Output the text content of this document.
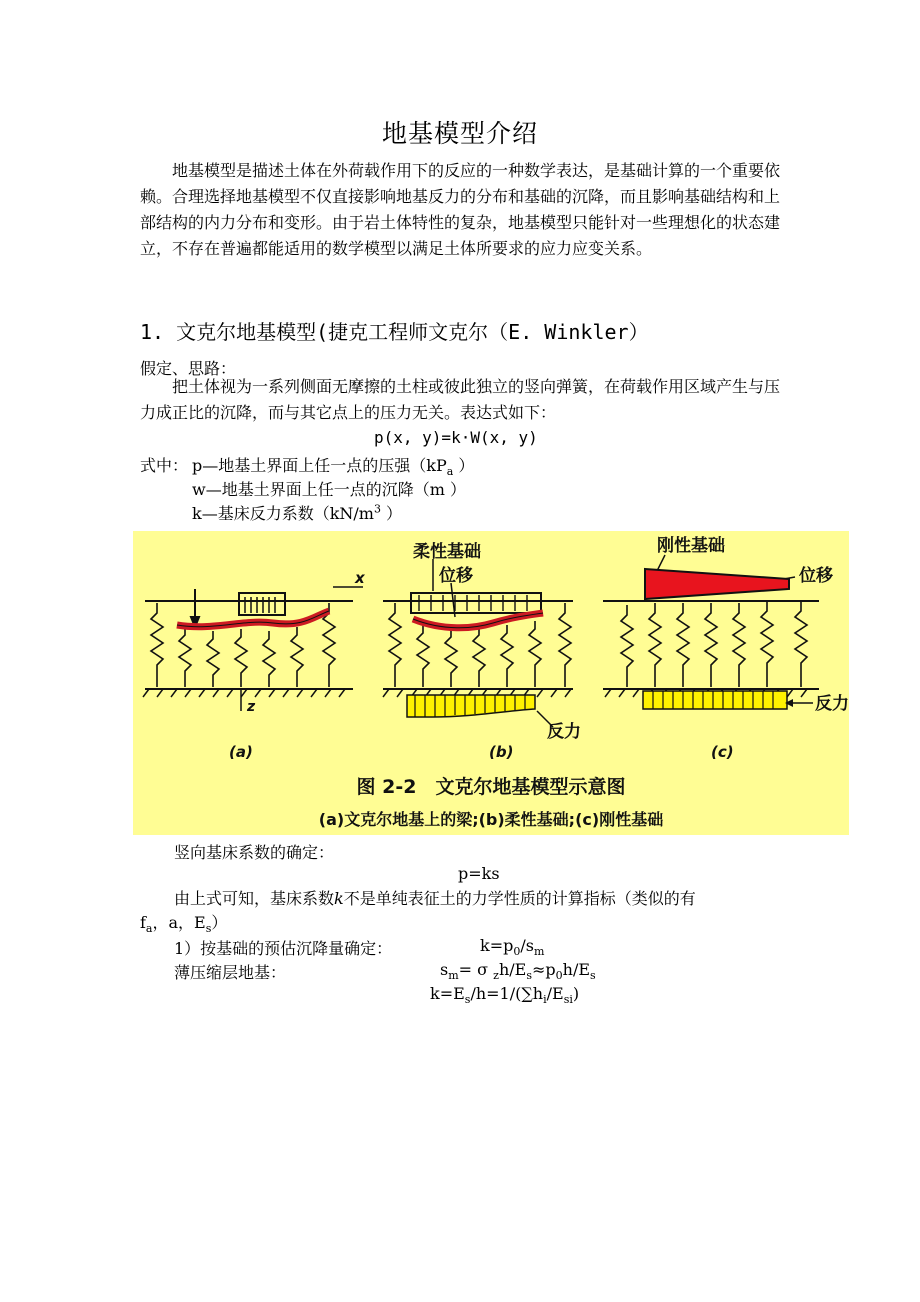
地基模型介绍
地基模型是描述土体在外荷载作用下的反应的一种数学表达，是基础计算的一个重要依赖。合理选择地基模型不仅直接影响地基反力的分布和基础的沉降，而且影响基础结构和上部结构的内力分布和变形。由于岩土体特性的复杂，地基模型只能针对一些理想化的状态建立，不存在普遍都能适用的数学模型以满足土体所要求的应力应变关系。
1. 文克尔地基模型(捷克工程师文克尔（E. Winkler）
假定、思路：
把土体视为一系列侧面无摩擦的土柱或彼此独立的竖向弹簧，在荷载作用区域产生与压力成正比的沉降，而与其它点上的压力无关。表达式如下：
p(x, y)=k·W(x, y)
式中： p—地基土界面上任一点的压强（$kP_a$ ）
w—地基土界面上任一点的沉降（m ）
k—基床反力系数（$kN/m^3$ ）
x
z
柔性基础
位移
反力
刚性基础
位移
反力
(a)	(b)	(c)
图 2-2　文克尔地基模型示意图
(a)文克尔地基上的梁;(b)柔性基础;(c)刚性基础
竖向基床系数的确定：
p=ks
由上式可知，基床系数k不是单纯表征土的力学性质的计算指标（类似的有
$f_a$，a，$E_s$）
1）按基础的预估沉降量确定：	$k=p_0/s_m$
薄压缩层地基：	$s_m= \sigma$ $_zh/E_s\approx p_0h/E_s$
$k=E_s/h=1/(\sum h_i/E_{si})$
